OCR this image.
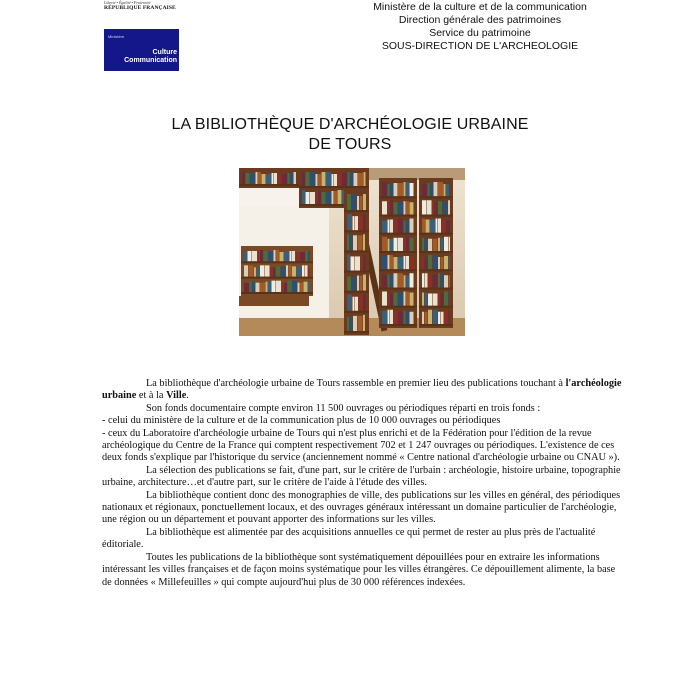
Liberté • Égalité • Fraternité
RÉPUBLIQUE FRANÇAISE
Ministère
Culture
Communication
Ministère de la culture et de la communication
Direction générale des patrimoines
Service du patrimoine
SOUS-DIRECTION DE L'ARCHEOLOGIE
LA BIBLIOTHÈQUE D'ARCHÉOLOGIE URBAINE
DE TOURS

La bibliothèque d'archéologie urbaine de Tours rassemble en premier lieu des publications touchant à l'archéologie urbaine et à la Ville.

Son fonds documentaire compte environ 11 500 ouvrages ou périodiques réparti en trois fonds :

- celui du ministère de la culture et de la communication plus de 10 000 ouvrages ou périodiques

- ceux du Laboratoire d'archéologie urbaine de Tours qui n'est plus enrichi et de la Fédération pour l'édition de la revue archéologique du Centre de la France qui comptent respectivement 702 et 1 247 ouvrages ou périodiques. L'existence de ces deux fonds s'explique par l'historique du service (anciennement nommé « Centre national d'archéologie urbaine ou CNAU »).

La sélection des publications se fait, d'une part, sur le critère de l'urbain : archéologie, histoire urbaine, topographie urbaine, architecture…et d'autre part, sur le critère de l'aide à l'étude des villes.

La bibliothèque contient donc des monographies de ville, des publications sur les villes en général, des périodiques nationaux et régionaux, ponctuellement locaux, et des ouvrages généraux intéressant un domaine particulier de l'archéologie, une région ou un département et pouvant apporter des informations sur les villes.

La bibliothèque est alimentée par des acquisitions annuelles ce qui permet de rester au plus près de l'actualité éditoriale.

Toutes les publications de la bibliothèque sont systématiquement dépouillées pour en extraire les informations intéressant les villes françaises et de façon moins systématique pour les villes étrangères. Ce dépouillement alimente, la base de données « Millefeuilles » qui compte aujourd'hui plus de 30 000 références indexées.
